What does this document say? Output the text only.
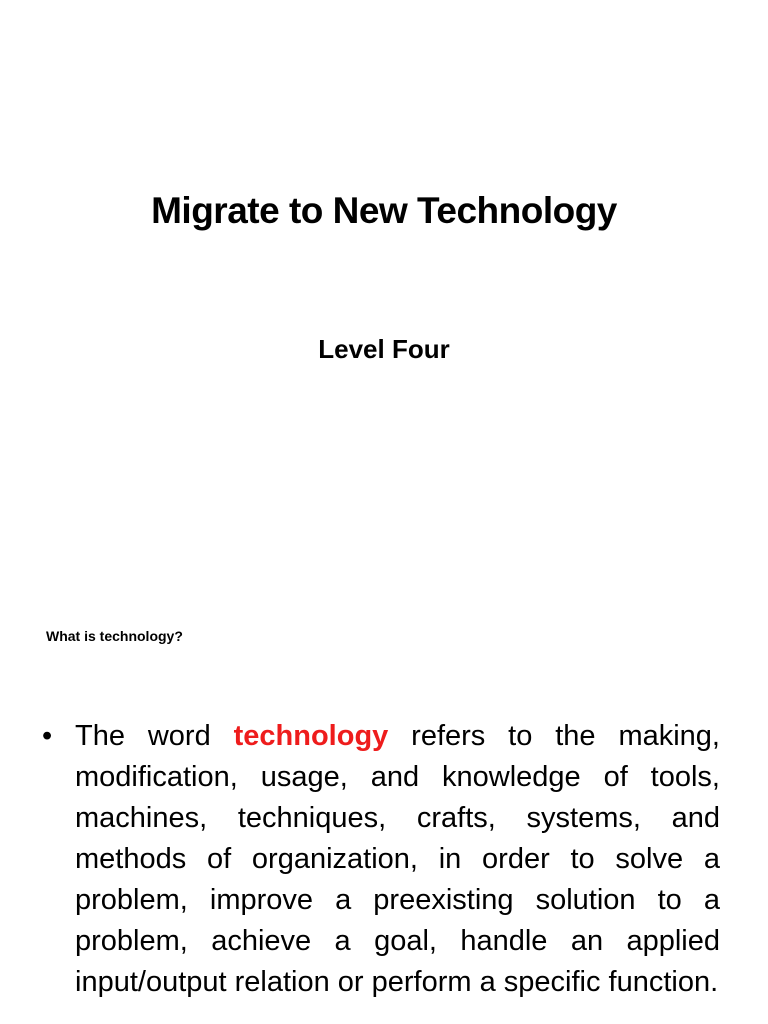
Migrate to New Technology
Level Four
What is technology?
• The word technology refers to the making, modification, usage, and knowledge of tools, machines, techniques, crafts, systems, and methods of organization, in order to solve a problem, improve a preexisting solution to a problem, achieve a goal, handle an applied input/output relation or perform a specific function.
